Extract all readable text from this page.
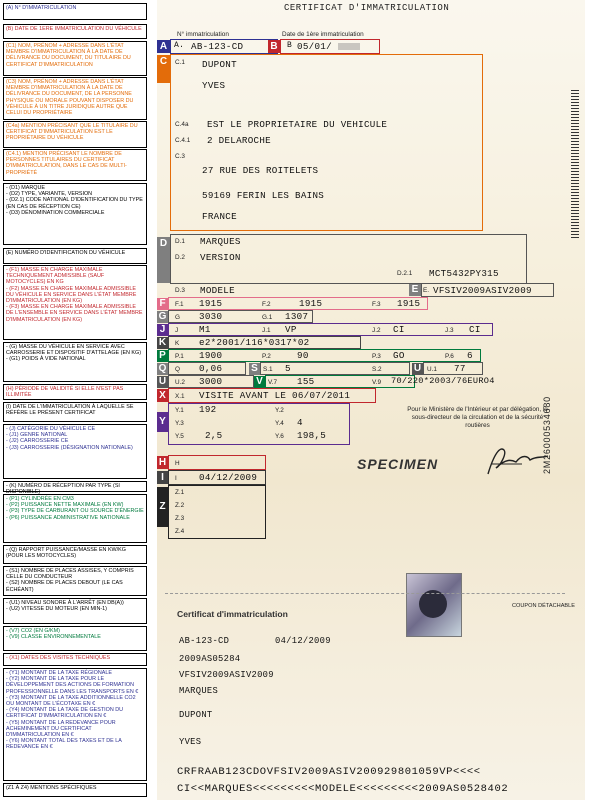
(A) N° D'IMMATRICULATION
(B) DATE DE 1ERE IMMATRICULATION DU VÉHICULE
(C1) NOM, PRÉNOM + ADRESSE DANS L'ÉTAT MEMBRE D'IMMATRICULATION À LA DATE DE DÉLIVRANCE DU DOCUMENT, DU TITULAIRE DU CERTIFICAT D'IMMATRICULATION
(C3) NOM, PRÉNOM + ADRESSE DANS L'ÉTAT MEMBRE D'IMMATRICULATION À LA DATE DE DÉLIVRANCE DU DOCUMENT, DE LA PERSONNE PHYSIQUE OU MORALE POUVANT DISPOSER DU VÉHICULE À UN TITRE JURIDIQUE AUTRE QUE CELUI DU PROPRIÉTAIRE
(C4a) MENTION PRÉCISANT QUE LE TITULAIRE DU CERTIFICAT D'IMMATRICULATION EST LE PROPRIÉTAIRE DU VÉHICULE
(C4.1) MENTION PRÉCISANT LE NOMBRE DE PERSONNES TITULAIRES DU CERTIFICAT D'IMMATRICULATION, DANS LE CAS DE MULTI-PROPRIÉTÉ
- (D1) MARQUE
- (D2) TYPE, VARIANTE, VERSION
- (D2.1) CODE NATIONAL D'IDENTIFICATION DU TYPE (EN CAS DE RÉCEPTION CE)
- (D3) DÉNOMINATION COMMERCIALE
(E) NUMÉRO D'IDENTIFICATION DU VÉHICULE
- (F1) MASSE EN CHARGE MAXIMALE TECHNIQUEMENT ADMISSIBLE (SAUF MOTOCYCLES) EN KG
- (F2) MASSE EN CHARGE MAXIMALE ADMISSIBLE DU VÉHICULE EN SERVICE DANS L'ÉTAT MEMBRE D'IMMATRICULATION (EN KG)
- (F3) MASSE EN CHARGE MAXIMALE ADMISSIBLE DE L'ENSEMBLE EN SERVICE DANS L'ÉTAT MEMBRE D'IMMATRICULATION (EN KG)
- (G) MASSE DU VÉHICULE EN SERVICE AVEC CARROSSERIE ET DISPOSITIF D'ATTELAGE (EN KG)
- (G1) POIDS À VIDE NATIONAL
(H) PÉRIODE DE VALIDITÉ SI ELLE N'EST PAS ILLIMITÉE
(I) DATE DE L'IMMATRICULATION À LAQUELLE SE RÉFÈRE LE PRÉSENT CERTIFICAT
- (J) CATÉGORIE DU VÉHICULE CE
- (J1) GENRE NATIONAL
- (J2) CARROSSERIE CE
- (J3) CARROSSERIE (DÉSIGNATION NATIONALE)
- (K) NUMÉRO DE RÉCEPTION PAR TYPE (SI DISPONIBLE)
- (P1) CYLINDRÉE EN CM3
- (P2) PUISSANCE NETTE MAXIMALE (EN KW)
- (P3) TYPE DE CARBURANT OU SOURCE D'ÉNERGIE
- (P6) PUISSANCE ADMINISTRATIVE NATIONALE
- (Q) RAPPORT PUISSANCE/MASSE EN KW/KG (POUR LES MOTOCYCLES)
- (S1) NOMBRE DE PLACES ASSISES, Y COMPRIS CELLE DU CONDUCTEUR
- (S2) NOMBRE DE PLACES DEBOUT (LE CAS ÉCHÉANT)
- (U1) NIVEAU SONORE À L'ARRÊT (EN DB(A))
- (U2) VITESSE DU MOTEUR (EN MIN-1)
- (V7) CO2 (EN G/KM)
- (V9) CLASSE ENVIRONNEMENTALE
- (X1) DATES DES VISITES TECHNIQUES
- (Y1) MONTANT DE LA TAXE RÉGIONALE
- (Y2) MONTANT DE LA TAXE POUR LE DÉVELOPPEMENT DES ACTIONS DE FORMATION PROFESSIONNELLE DANS LES TRANSPORTS EN €
- (Y3) MONTANT DE LA TAXE ADDITIONNELLE CO2 OU MONTANT DE L'ÉCOTAXE EN €
- (Y4) MONTANT DE LA TAXE DE GESTION DU CERTIFICAT D'IMMATRICULATION EN €
- (Y5) MONTANT DE LA REDEVANCE POUR ACHEMINEMENT DU CERTIFICAT D'IMMATRICULATION EN €
- (Y6) MONTANT TOTAL DES TAXES ET DE LA REDEVANCE EN €
(Z1 À Z4) MENTIONS SPÉCIFIQUES
CERTIFICAT D'IMMATRICULATION
N° immatriculation	Date de 1ère immatriculation
A A. AB-123-CD	B B 05/01/
C	C.1 DUPONT
YVES
C.4a EST LE PROPRIETAIRE DU VEHICULE
C.4.1 2 DELAROCHE
C.3
27 RUE DES ROITELETS
59169 FERIN LES BAINS
FRANCE
D	D.1 MARQUES
D.2 VERSION
D.2.1 MCT5432PY315
D.3 MODELE	E E. VFSIV2009ASIV2009
F	F.1 1915	F.2	1915	F.3 1915
G G 3030	G.1 1307
J	J M1	J.1 VP	J.2 CI	J.3 CI
K K e2*2001/116*0317*02
P	P.1 1900	P.2	90	P.3 GO	P.6 6
Q Q 0,06	S S.1 5	S.2	U U.1 77
U U.2 3000	V V.7 155	V.9 70/220*2003/76EURO4
X	X.1 VISITE AVANT LE 06/07/2011
Y
Y.1 192	Y.2
Y.3	Y.4 4
Y.5 2,5	Y.6 198,5
Pour le Ministère de l'Intérieur et par délégation, le sous-directeur de la circulation et de la sécurité routières
SPECIMEN
H H
I	I 04/12/2009
Z
Z.1
Z.2
Z.3
Z.4
2M26000534680
COUPON DÉTACHABLE
Certificat d'immatriculation
AB-123-CD	04/12/2009
2009AS05284
VFSIV2009ASIV2009
MARQUES
DUPONT
YVES
CRFRAAB123CDOVFSIV2009ASIV200929801059VP<<<<
CI<<MARQUES<<<<<<<<<MODELE<<<<<<<<<2009AS0528402
